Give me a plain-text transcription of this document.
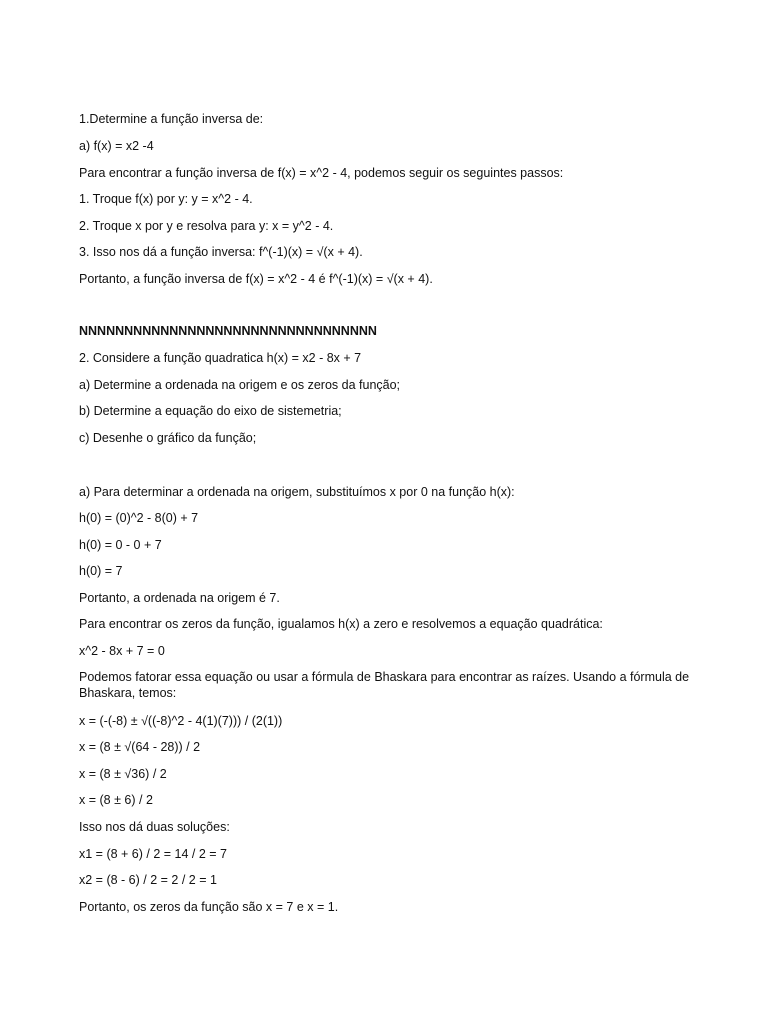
1.Determine a função inversa de:

a) f(x) = x2 -4

Para encontrar a função inversa de f(x) = x^2 - 4, podemos seguir os seguintes passos:

1. Troque f(x) por y: y = x^2 - 4.

2. Troque x por y e resolva para y: x = y^2 - 4.

3. Isso nos dá a função inversa: f^(-1)(x) = √(x + 4).

Portanto, a função inversa de f(x) = x^2 - 4 é f^(-1)(x) = √(x + 4).

NNNNNNNNNNNNNNNNNNNNNNNNNNNNNNNNN

2. Considere a função quadratica h(x) = x2 - 8x + 7

a) Determine a ordenada na origem e os zeros da função;

b) Determine a equação do eixo de sistemetria;

c) Desenhe o gráfico da função;

a) Para determinar a ordenada na origem, substituímos x por 0 na função h(x):

h(0) = (0)^2 - 8(0) + 7

h(0) = 0 - 0 + 7

h(0) = 7

Portanto, a ordenada na origem é 7.

Para encontrar os zeros da função, igualamos h(x) a zero e resolvemos a equação quadrática:

x^2 - 8x + 7 = 0

Podemos fatorar essa equação ou usar a fórmula de Bhaskara para encontrar as raízes. Usando a fórmula de Bhaskara, temos:

x = (-(-8) ± √((-8)^2 - 4(1)(7))) / (2(1))

x = (8 ± √(64 - 28)) / 2

x = (8 ± √36) / 2

x = (8 ± 6) / 2

Isso nos dá duas soluções:

x1 = (8 + 6) / 2 = 14 / 2 = 7

x2 = (8 - 6) / 2 = 2 / 2 = 1

Portanto, os zeros da função são x = 7 e x = 1.
